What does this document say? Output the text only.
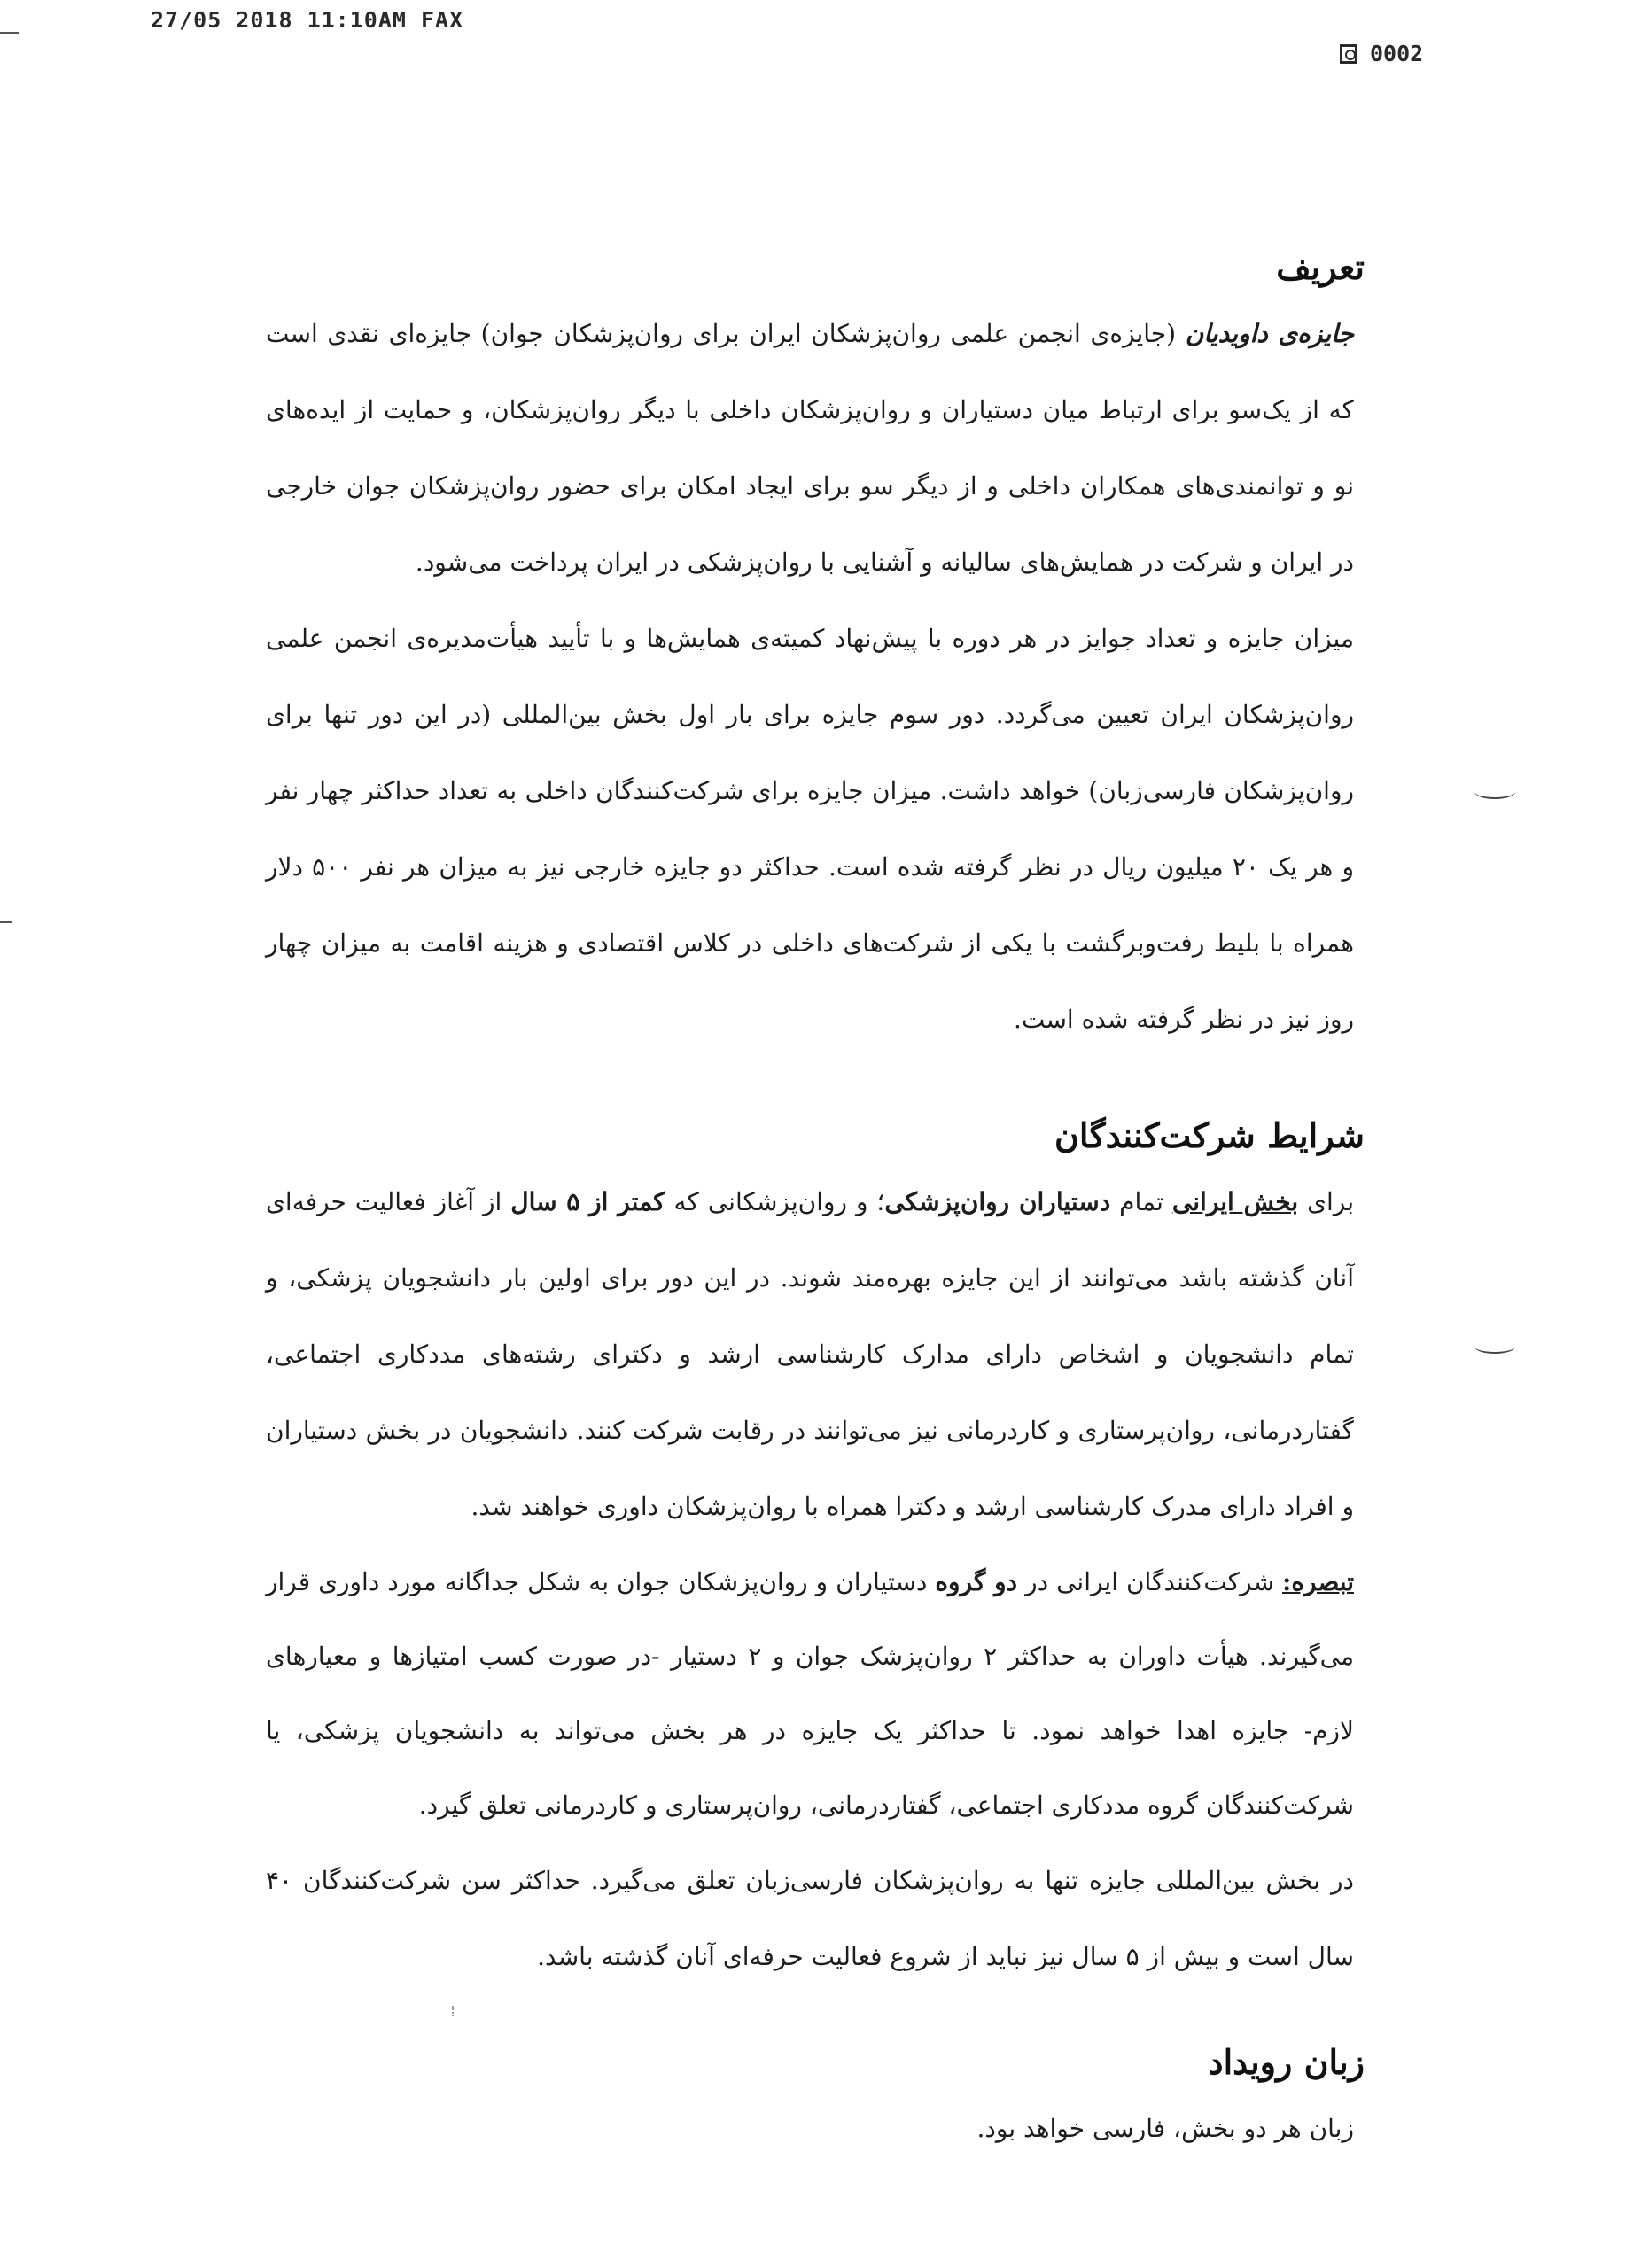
27/05 2018 11:10AM FAX
0002
تعریف

جایزه‌ی داویدیان (جایزه‌ی انجمن علمی روان‌پزشکان ایران برای روان‌پزشکان جوان) جایزه‌ای نقدی است که از یک‌سو برای ارتباط میان دستیاران و روان‌پزشکان داخلی با دیگر روان‌پزشکان، و حمایت از ایده‌های نو و توانمندی‌های همکاران داخلی و از دیگر سو برای ایجاد امکان برای حضور روان‌پزشکان جوان خارجی در ایران و شرکت در همایش‌های سالیانه و آشنایی با روان‌پزشکی در ایران پرداخت می‌شود.

میزان جایزه و تعداد جوایز در هر دوره با پیش‌نهاد کمیته‌ی همایش‌ها و با تأیید هیأت‌مدیره‌ی انجمن علمی روان‌پزشکان ایران تعیین می‌گردد. دور سوم جایزه برای بار اول بخش بین‌المللی (در این دور تنها برای روان‌پزشکان فارسی‌زبان) خواهد داشت. میزان جایزه برای شرکت‌کنندگان داخلی به تعداد حداکثر چهار نفر و هر یک ۲۰ میلیون ریال در نظر گرفته شده است. حداکثر دو جایزه خارجی نیز به میزان هر نفر ۵۰۰ دلار همراه با بلیط رفت‌وبرگشت با یکی از شرکت‌های داخلی در کلاس اقتصادی و هزینه اقامت به میزان چهار روز نیز در نظر گرفته شده است.

شرایط شرکت‌کنندگان

برای بخش ایرانی تمام دستیاران روان‌پزشکی؛ و روان‌پزشکانی که کمتر از ۵ سال از آغاز فعالیت حرفه‌ای آنان گذشته باشد می‌توانند از این جایزه بهره‌مند شوند. در این دور برای اولین بار دانشجویان پزشکی، و تمام دانشجویان و اشخاص دارای مدارک کارشناسی ارشد و دکترای رشته‌های مددکاری اجتماعی، گفتاردرمانی، روان‌پرستاری و کاردرمانی نیز می‌توانند در رقابت شرکت کنند. دانشجویان در بخش دستیاران و افراد دارای مدرک کارشناسی ارشد و دکترا همراه با روان‌پزشکان داوری خواهند شد.

تبصره: شرکت‌کنندگان ایرانی در دو گروه دستیاران و روان‌پزشکان جوان به شکل جداگانه مورد داوری قرار می‌گیرند. هیأت داوران به حداکثر ۲ روان‌پزشک جوان و ۲ دستیار -در صورت کسب امتیازها و معیارهای لازم- جایزه اهدا خواهد نمود. تا حداکثر یک جایزه در هر بخش می‌تواند به دانشجویان پزشکی، یا شرکت‌کنندگان گروه مددکاری اجتماعی، گفتاردرمانی، روان‌پرستاری و کاردرمانی تعلق گیرد.

در بخش بین‌المللی جایزه تنها به روان‌پزشکان فارسی‌زبان تعلق می‌گیرد. حداکثر سن شرکت‌کنندگان ۴۰ سال است و بیش از ۵ سال نیز نباید از شروع فعالیت حرفه‌ای آنان گذشته باشد.

زبان رویداد

زبان هر دو بخش، فارسی خواهد بود.
